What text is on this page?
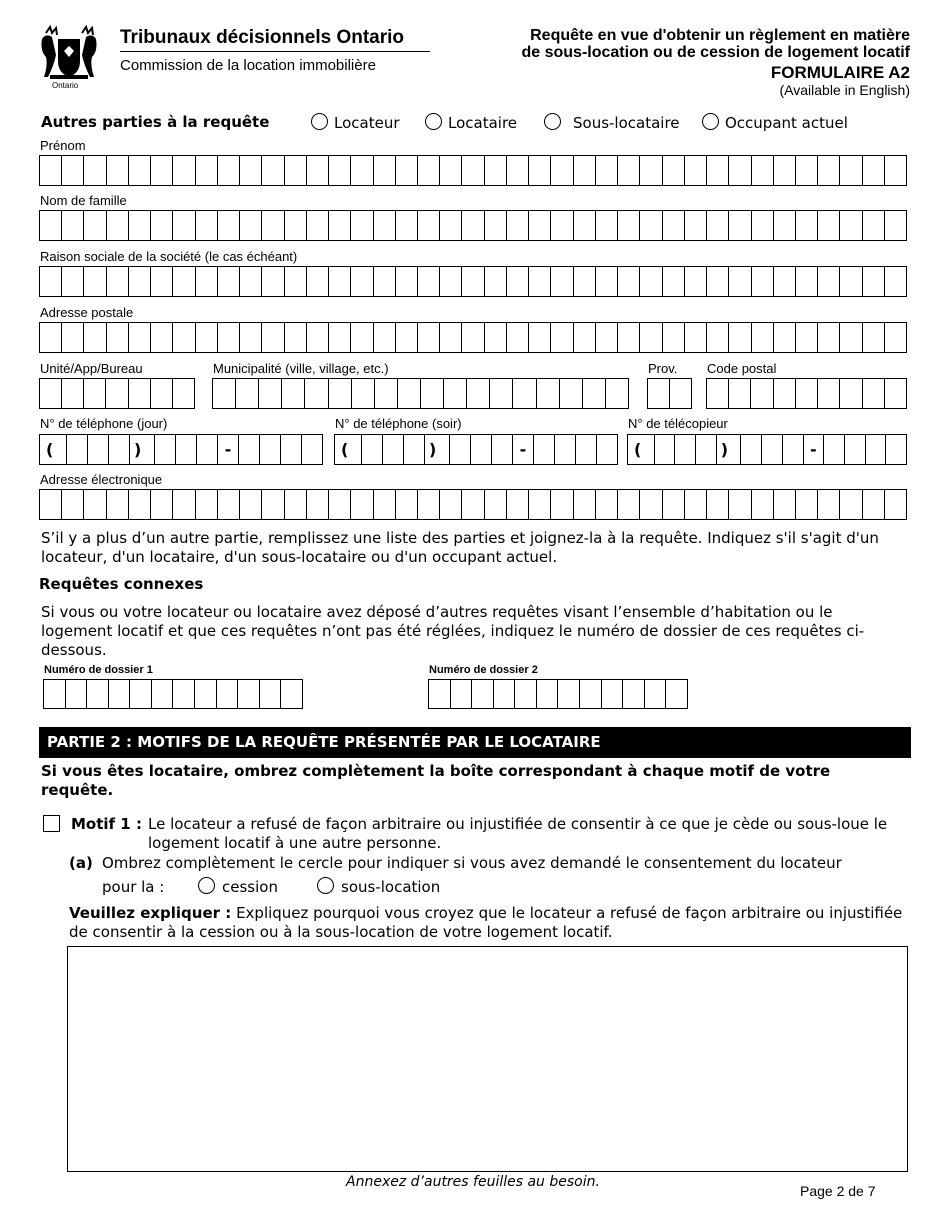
Ontario
Tribunaux décisionnels Ontario
Commission de la location immobilière
Requête en vue d'obtenir un règlement en matière
de sous-location ou de cession de logement locatif
FORMULAIRE A2
(Available in English)
Autres parties à la requête	Locateur	Locataire	Sous-locataire	Occupant actuel
Prénom
Nom de famille
Raison sociale de la société (le cas échéant)
Adresse postale
Unité/App/Bureau	Municipalité (ville, village, etc.)	Prov. Code postal
N° de téléphone (jour)
(	)	-
N° de téléphone (soir)
(	)	-
N° de télécopieur
(	)	-
Adresse électronique
S’il y a plus d’un autre partie, remplissez une liste des parties et joignez-la à la requête. Indiquez s'il s'agit d'un locateur, d'un locataire, d'un sous-locataire ou d'un occupant actuel.
Requêtes connexes
Si vous ou votre locateur ou locataire avez déposé d’autres requêtes visant l’ensemble d’habitation ou le logement locatif et que ces requêtes n’ont pas été réglées, indiquez le numéro de dossier de ces requêtes ci-dessous.
Numéro de dossier 1	Numéro de dossier 2
PARTIE 2 : MOTIFS DE LA REQUÊTE PRÉSENTÉE PAR LE LOCATAIRE
Si vous êtes locataire, ombrez complètement la boîte correspondant à chaque motif de votre requête.
Motif 1 : Le locateur a refusé de façon arbitraire ou injustifiée de consentir à ce que je cède ou sous-loue le logement locatif à une autre personne.
(a) Ombrez complètement le cercle pour indiquer si vous avez demandé le consentement du locateur
pour la :	cession	sous-location
Veuillez expliquer : Expliquez pourquoi vous croyez que le locateur a refusé de façon arbitraire ou injustifiée de consentir à la cession ou à la sous-location de votre logement locatif.
Annexez d’autres feuilles au besoin.
Page 2 de 7
